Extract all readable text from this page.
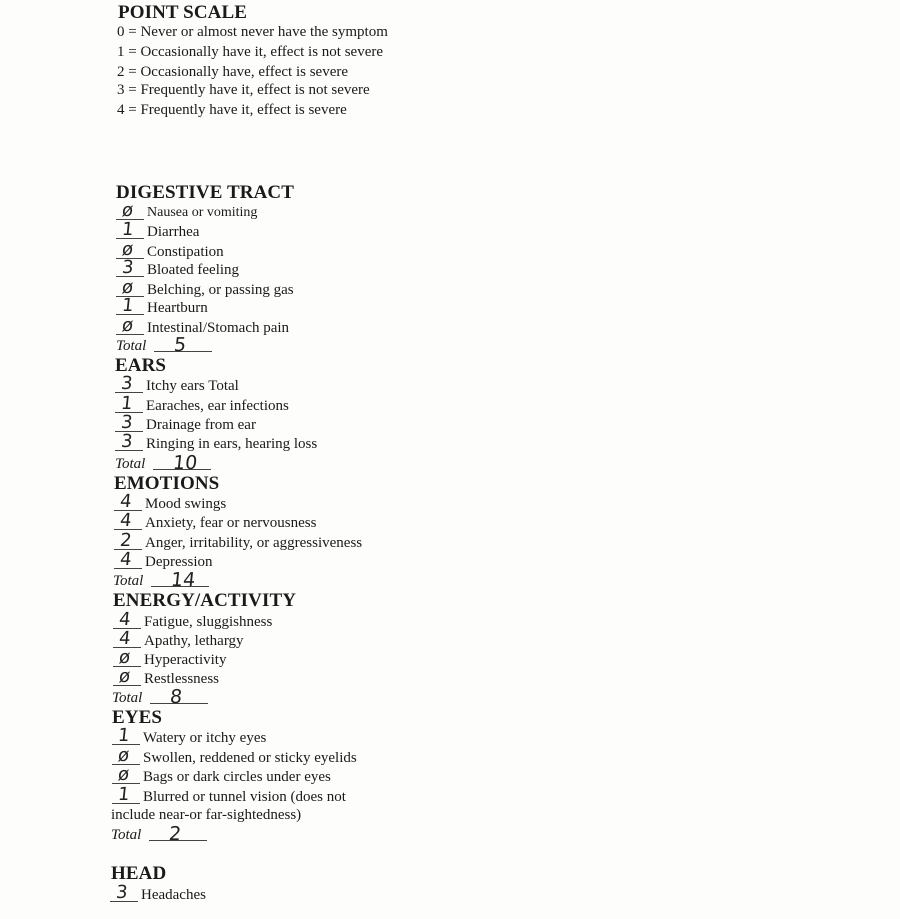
POINT SCALE
0 = Never or almost never have the symptom
1 = Occasionally have it, effect is not severe
2 = Occasionally have, effect is severe
3 = Frequently have it, effect is not severe
4 = Frequently have it, effect is severe
DIGESTIVE TRACT
ø Nausea or vomiting
1 Diarrhea
ø Constipation
3 Bloated feeling
ø Belching, or passing gas
1 Heartburn
ø Intestinal/Stomach pain
Total 5
EARS
3 Itchy ears Total
1 Earaches, ear infections
3 Drainage from ear
3 Ringing in ears, hearing loss
Total 10
EMOTIONS
4 Mood swings
4 Anxiety, fear or nervousness
2 Anger, irritability, or aggressiveness
4 Depression
Total 14
ENERGY/ACTIVITY
4 Fatigue, sluggishness
4 Apathy, lethargy
ø Hyperactivity
ø Restlessness
Total 8
EYES
1 Watery or itchy eyes
ø Swollen, reddened or sticky eyelids
ø Bags or dark circles under eyes
1 Blurred or tunnel vision (does not
include near-or far-sightedness)
Total 2
HEAD
3 Headaches
